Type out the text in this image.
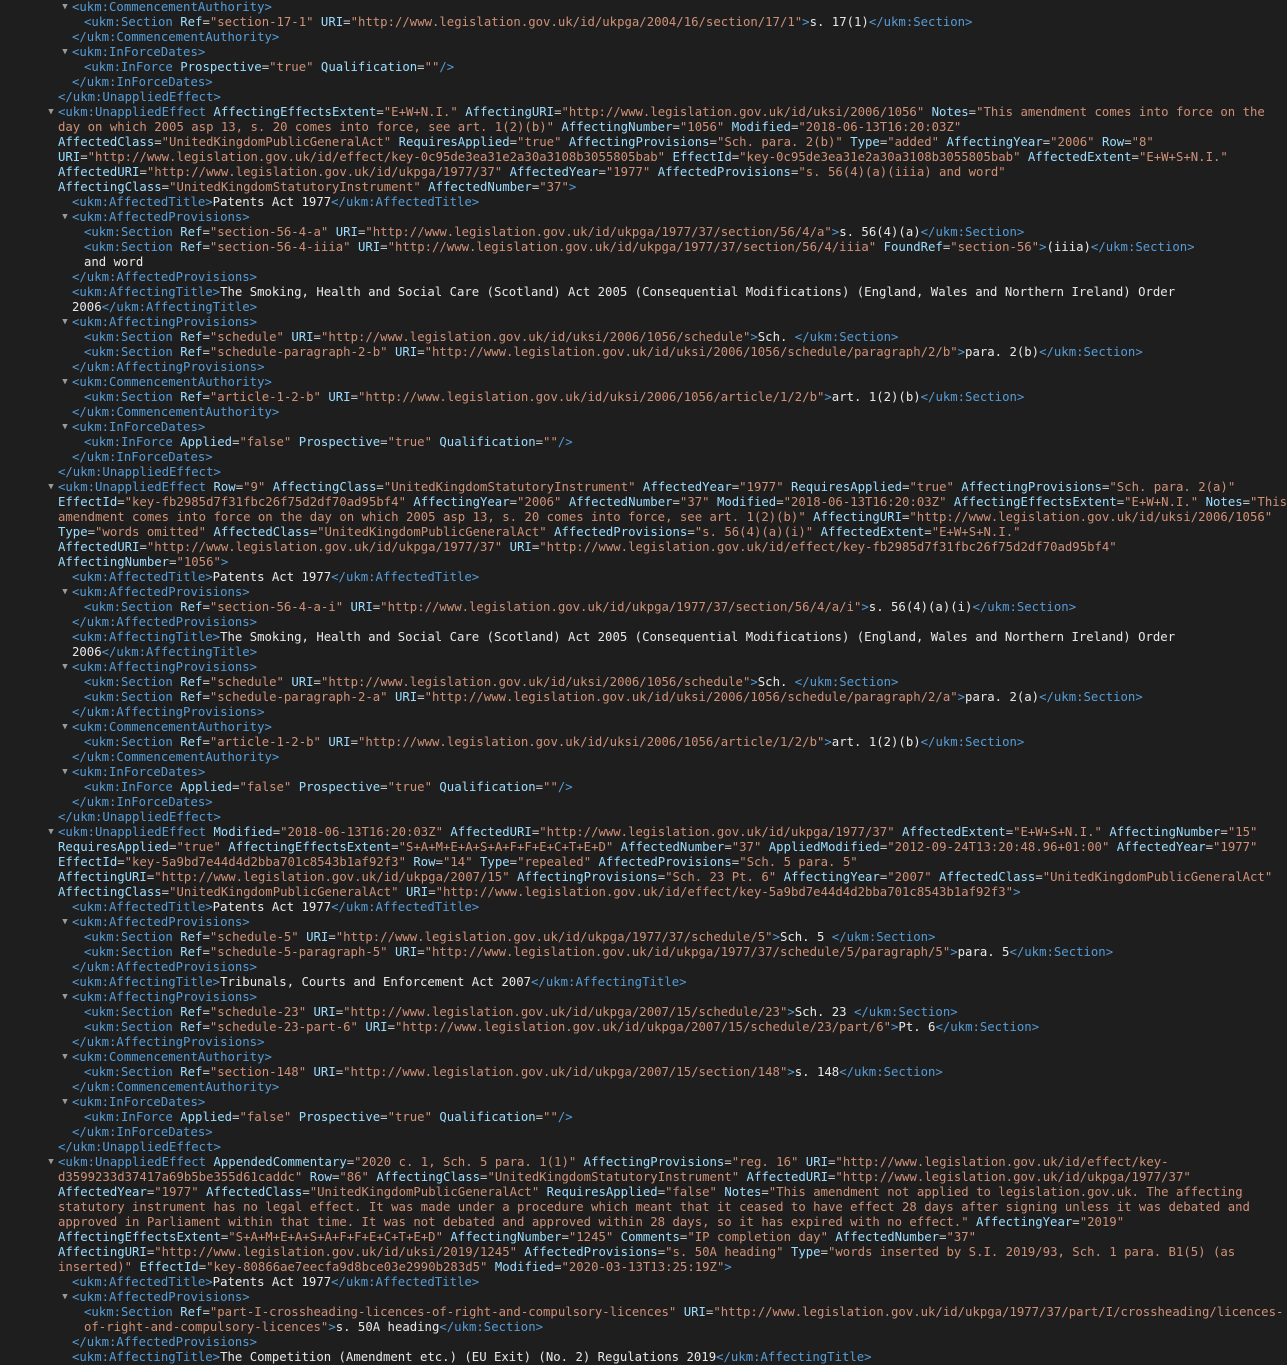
▼ <ukm:CommencementAuthority>
<ukm:Section Ref="section-17-1" URI="http://www.legislation.gov.uk/id/ukpga/2004/16/section/17/1">s. 17(1)</ukm:Section>
</ukm:CommencementAuthority>
▼ <ukm:InForceDates>
<ukm:InForce Prospective="true" Qualification=""/>
</ukm:InForceDates>
</ukm:UnappliedEffect>
▼ <ukm:UnappliedEffect AffectingEffectsExtent="E+W+N.I." AffectingURI="http://www.legislation.gov.uk/id/uksi/2006/1056" Notes="This amendment comes into force on the
day on which 2005 asp 13, s. 20 comes into force, see art. 1(2)(b)" AffectingNumber="1056" Modified="2018-06-13T16:20:03Z"
AffectedClass="UnitedKingdomPublicGeneralAct" RequiresApplied="true" AffectingProvisions="Sch. para. 2(b)" Type="added" AffectingYear="2006" Row="8"
URI="http://www.legislation.gov.uk/id/effect/key-0c95de3ea31e2a30a3108b3055805bab" EffectId="key-0c95de3ea31e2a30a3108b3055805bab" AffectedExtent="E+W+S+N.I."
AffectedURI="http://www.legislation.gov.uk/id/ukpga/1977/37" AffectedYear="1977" AffectedProvisions="s. 56(4)(a)(iiia) and word"
AffectingClass="UnitedKingdomStatutoryInstrument" AffectedNumber="37">
<ukm:AffectedTitle>Patents Act 1977</ukm:AffectedTitle>
▼ <ukm:AffectedProvisions>
<ukm:Section Ref="section-56-4-a" URI="http://www.legislation.gov.uk/id/ukpga/1977/37/section/56/4/a">s. 56(4)(a)</ukm:Section>
<ukm:Section Ref="section-56-4-iiia" URI="http://www.legislation.gov.uk/id/ukpga/1977/37/section/56/4/iiia" FoundRef="section-56">(iiia)</ukm:Section>
and word
</ukm:AffectedProvisions>
<ukm:AffectingTitle>The Smoking, Health and Social Care (Scotland) Act 2005 (Consequential Modifications) (England, Wales and Northern Ireland) Order
2006</ukm:AffectingTitle>
▼ <ukm:AffectingProvisions>
<ukm:Section Ref="schedule" URI="http://www.legislation.gov.uk/id/uksi/2006/1056/schedule">Sch. </ukm:Section>
<ukm:Section Ref="schedule-paragraph-2-b" URI="http://www.legislation.gov.uk/id/uksi/2006/1056/schedule/paragraph/2/b">para. 2(b)</ukm:Section>
</ukm:AffectingProvisions>
▼ <ukm:CommencementAuthority>
<ukm:Section Ref="article-1-2-b" URI="http://www.legislation.gov.uk/id/uksi/2006/1056/article/1/2/b">art. 1(2)(b)</ukm:Section>
</ukm:CommencementAuthority>
▼ <ukm:InForceDates>
<ukm:InForce Applied="false" Prospective="true" Qualification=""/>
</ukm:InForceDates>
</ukm:UnappliedEffect>
▼ <ukm:UnappliedEffect Row="9" AffectingClass="UnitedKingdomStatutoryInstrument" AffectedYear="1977" RequiresApplied="true" AffectingProvisions="Sch. para. 2(a)"
EffectId="key-fb2985d7f31fbc26f75d2df70ad95bf4" AffectingYear="2006" AffectedNumber="37" Modified="2018-06-13T16:20:03Z" AffectingEffectsExtent="E+W+N.I." Notes="This
amendment comes into force on the day on which 2005 asp 13, s. 20 comes into force, see art. 1(2)(b)" AffectingURI="http://www.legislation.gov.uk/id/uksi/2006/1056"
Type="words omitted" AffectedClass="UnitedKingdomPublicGeneralAct" AffectedProvisions="s. 56(4)(a)(i)" AffectedExtent="E+W+S+N.I."
AffectedURI="http://www.legislation.gov.uk/id/ukpga/1977/37" URI="http://www.legislation.gov.uk/id/effect/key-fb2985d7f31fbc26f75d2df70ad95bf4"
AffectingNumber="1056">
<ukm:AffectedTitle>Patents Act 1977</ukm:AffectedTitle>
▼ <ukm:AffectedProvisions>
<ukm:Section Ref="section-56-4-a-i" URI="http://www.legislation.gov.uk/id/ukpga/1977/37/section/56/4/a/i">s. 56(4)(a)(i)</ukm:Section>
</ukm:AffectedProvisions>
<ukm:AffectingTitle>The Smoking, Health and Social Care (Scotland) Act 2005 (Consequential Modifications) (England, Wales and Northern Ireland) Order
2006</ukm:AffectingTitle>
▼ <ukm:AffectingProvisions>
<ukm:Section Ref="schedule" URI="http://www.legislation.gov.uk/id/uksi/2006/1056/schedule">Sch. </ukm:Section>
<ukm:Section Ref="schedule-paragraph-2-a" URI="http://www.legislation.gov.uk/id/uksi/2006/1056/schedule/paragraph/2/a">para. 2(a)</ukm:Section>
</ukm:AffectingProvisions>
▼ <ukm:CommencementAuthority>
<ukm:Section Ref="article-1-2-b" URI="http://www.legislation.gov.uk/id/uksi/2006/1056/article/1/2/b">art. 1(2)(b)</ukm:Section>
</ukm:CommencementAuthority>
▼ <ukm:InForceDates>
<ukm:InForce Applied="false" Prospective="true" Qualification=""/>
</ukm:InForceDates>
</ukm:UnappliedEffect>
▼ <ukm:UnappliedEffect Modified="2018-06-13T16:20:03Z" AffectedURI="http://www.legislation.gov.uk/id/ukpga/1977/37" AffectedExtent="E+W+S+N.I." AffectingNumber="15"
RequiresApplied="true" AffectingEffectsExtent="S+A+M+E+A+S+A+F+F+E+C+T+E+D" AffectedNumber="37" AppliedModified="2012-09-24T13:20:48.96+01:00" AffectedYear="1977"
EffectId="key-5a9bd7e44d4d2bba701c8543b1af92f3" Row="14" Type="repealed" AffectedProvisions="Sch. 5 para. 5"
AffectingURI="http://www.legislation.gov.uk/id/ukpga/2007/15" AffectingProvisions="Sch. 23 Pt. 6" AffectingYear="2007" AffectedClass="UnitedKingdomPublicGeneralAct"
AffectingClass="UnitedKingdomPublicGeneralAct" URI="http://www.legislation.gov.uk/id/effect/key-5a9bd7e44d4d2bba701c8543b1af92f3">
<ukm:AffectedTitle>Patents Act 1977</ukm:AffectedTitle>
▼ <ukm:AffectedProvisions>
<ukm:Section Ref="schedule-5" URI="http://www.legislation.gov.uk/id/ukpga/1977/37/schedule/5">Sch. 5 </ukm:Section>
<ukm:Section Ref="schedule-5-paragraph-5" URI="http://www.legislation.gov.uk/id/ukpga/1977/37/schedule/5/paragraph/5">para. 5</ukm:Section>
</ukm:AffectedProvisions>
<ukm:AffectingTitle>Tribunals, Courts and Enforcement Act 2007</ukm:AffectingTitle>
▼ <ukm:AffectingProvisions>
<ukm:Section Ref="schedule-23" URI="http://www.legislation.gov.uk/id/ukpga/2007/15/schedule/23">Sch. 23 </ukm:Section>
<ukm:Section Ref="schedule-23-part-6" URI="http://www.legislation.gov.uk/id/ukpga/2007/15/schedule/23/part/6">Pt. 6</ukm:Section>
</ukm:AffectingProvisions>
▼ <ukm:CommencementAuthority>
<ukm:Section Ref="section-148" URI="http://www.legislation.gov.uk/id/ukpga/2007/15/section/148">s. 148</ukm:Section>
</ukm:CommencementAuthority>
▼ <ukm:InForceDates>
<ukm:InForce Applied="false" Prospective="true" Qualification=""/>
</ukm:InForceDates>
</ukm:UnappliedEffect>
▼ <ukm:UnappliedEffect AppendedCommentary="2020 c. 1, Sch. 5 para. 1(1)" AffectingProvisions="reg. 16" URI="http://www.legislation.gov.uk/id/effect/key-
d3599233d37417a69b5be355d61caddc" Row="86" AffectingClass="UnitedKingdomStatutoryInstrument" AffectedURI="http://www.legislation.gov.uk/id/ukpga/1977/37"
AffectedYear="1977" AffectedClass="UnitedKingdomPublicGeneralAct" RequiresApplied="false" Notes="This amendment not applied to legislation.gov.uk. The affecting
statutory instrument has no legal effect. It was made under a procedure which meant that it ceased to have effect 28 days after signing unless it was debated and
approved in Parliament within that time. It was not debated and approved within 28 days, so it has expired with no effect." AffectingYear="2019"
AffectingEffectsExtent="S+A+M+E+A+S+A+F+F+E+C+T+E+D" AffectingNumber="1245" Comments="IP completion day" AffectedNumber="37"
AffectingURI="http://www.legislation.gov.uk/id/uksi/2019/1245" AffectedProvisions="s. 50A heading" Type="words inserted by S.I. 2019/93, Sch. 1 para. B1(5) (as
inserted)" EffectId="key-80866ae7eecfa9d8bce03e2990b283d5" Modified="2020-03-13T13:25:19Z">
<ukm:AffectedTitle>Patents Act 1977</ukm:AffectedTitle>
▼ <ukm:AffectedProvisions>
<ukm:Section Ref="part-I-crossheading-licences-of-right-and-compulsory-licences" URI="http://www.legislation.gov.uk/id/ukpga/1977/37/part/I/crossheading/licences-
of-right-and-compulsory-licences">s. 50A heading</ukm:Section>
</ukm:AffectedProvisions>
<ukm:AffectingTitle>The Competition (Amendment etc.) (EU Exit) (No. 2) Regulations 2019</ukm:AffectingTitle>
